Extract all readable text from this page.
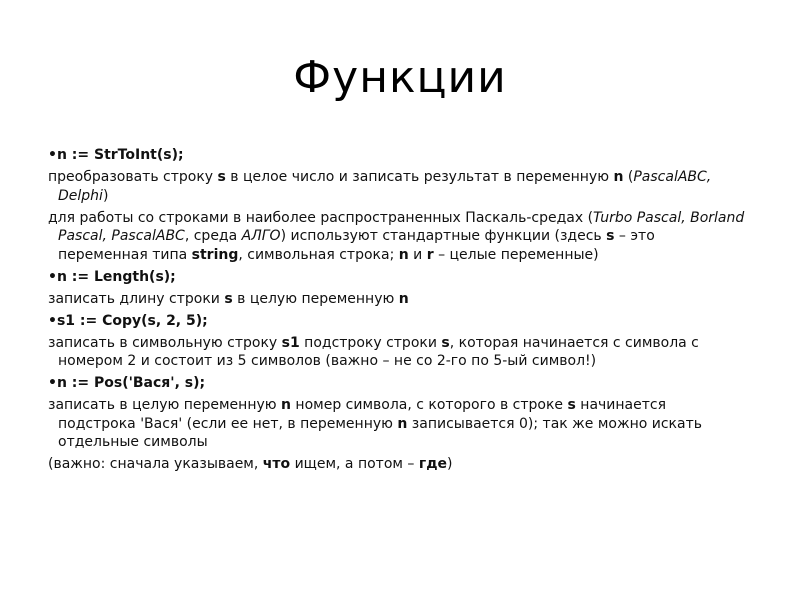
Функции
•n := StrToInt(s);
преобразовать строку s в целое число и записать результат в переменную n (PascalABC, Delphi)
для работы со строками в наиболее распространенных Паскаль-средах (Turbo Pascal, Borland Pascal, PascalABC, среда АЛГО) используют стандартные функции (здесь s – это переменная типа string, символьная строка; n и r – целые переменные)
•n := Length(s);
записать длину строки s в целую переменную n
•s1 := Copy(s, 2, 5);
записать в символьную строку s1 подстроку строки s, которая начинается с символа с номером 2 и состоит из 5 символов (важно – не со 2-го по 5-ый символ!)
•n := Pos('Вася', s);
записать в целую переменную n номер символа, с которого в строке s начинается подстрока 'Вася' (если ее нет, в переменную n записывается 0); так же можно искать отдельные символы
(важно: сначала указываем, что ищем, а потом – где)
